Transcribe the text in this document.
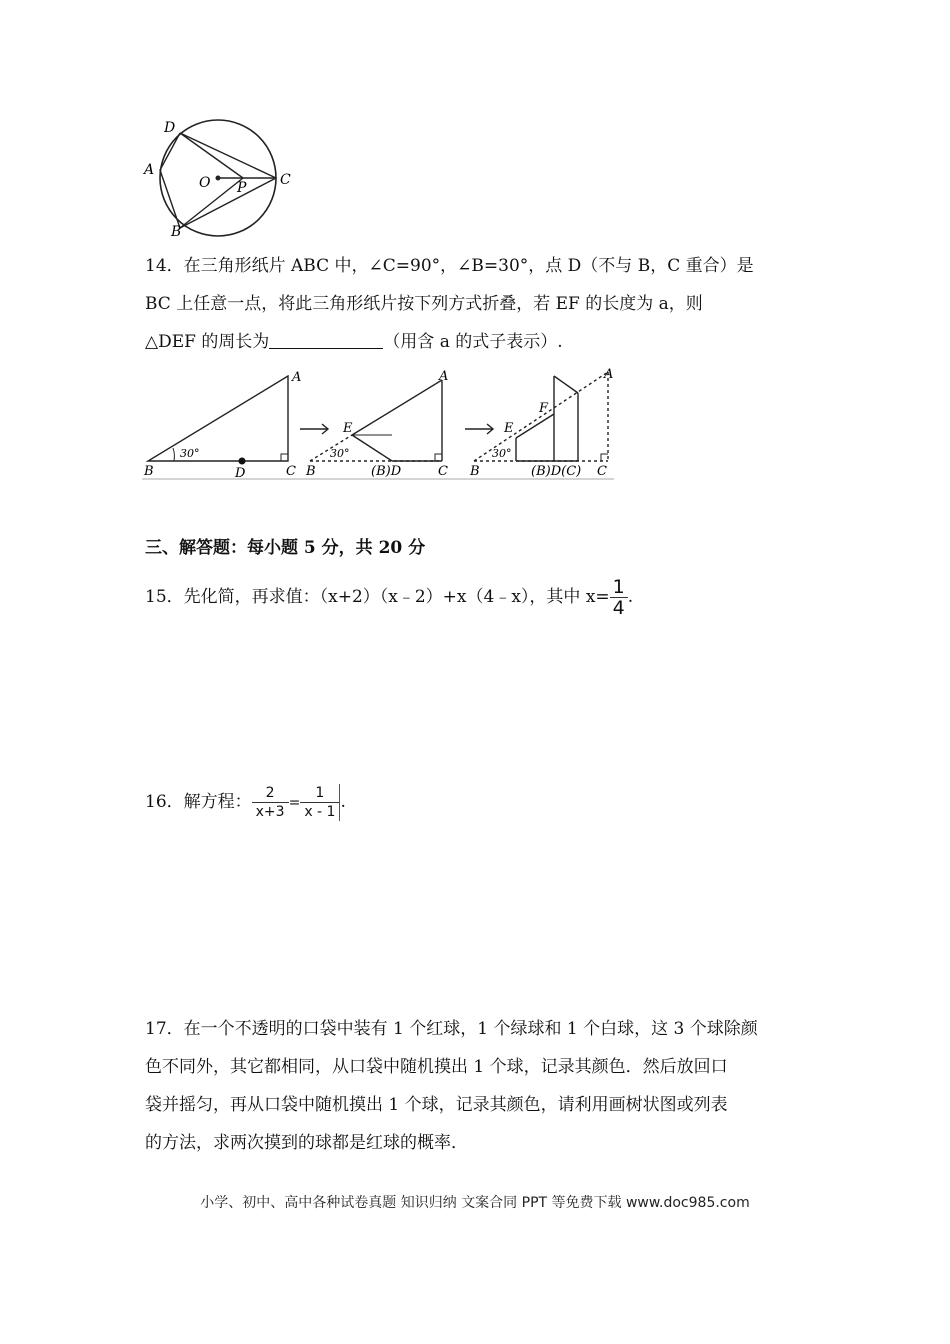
D
A
O P C
B
14．在三角形纸片 ABC 中，∠C=90°，∠B=30°，点 D（不与 B，C 重合）是
BC 上任意一点，将此三角形纸片按下列方式折叠，若 EF 的长度为 a，则
△DEF 的周长为	（用含 a 的式子表示）.
A
B	C
D
30°
A
B	C
E
(B)D
30°
A
B	C
E
F
(B)D(C)
30°
三、解答题：每小题 5 分，共 20 分
15．先化简，再求值：（x+2）（x﹣2）+x（4﹣x），其中 $x= \frac{1}{4}$ .
16．解方程： $\frac{2}{x+3} = \frac{1}{x - 1}$ .
17．在一个不透明的口袋中装有 1 个红球，1 个绿球和 1 个白球，这 3 个球除颜
色不同外，其它都相同，从口袋中随机摸出 1 个球，记录其颜色．然后放回口
袋并摇匀，再从口袋中随机摸出 1 个球，记录其颜色，请利用画树状图或列表
的方法，求两次摸到的球都是红球的概率．
小学、初中、高中各种试卷真题 知识归纳 文案合同 PPT 等免费下载 www.doc985.com
